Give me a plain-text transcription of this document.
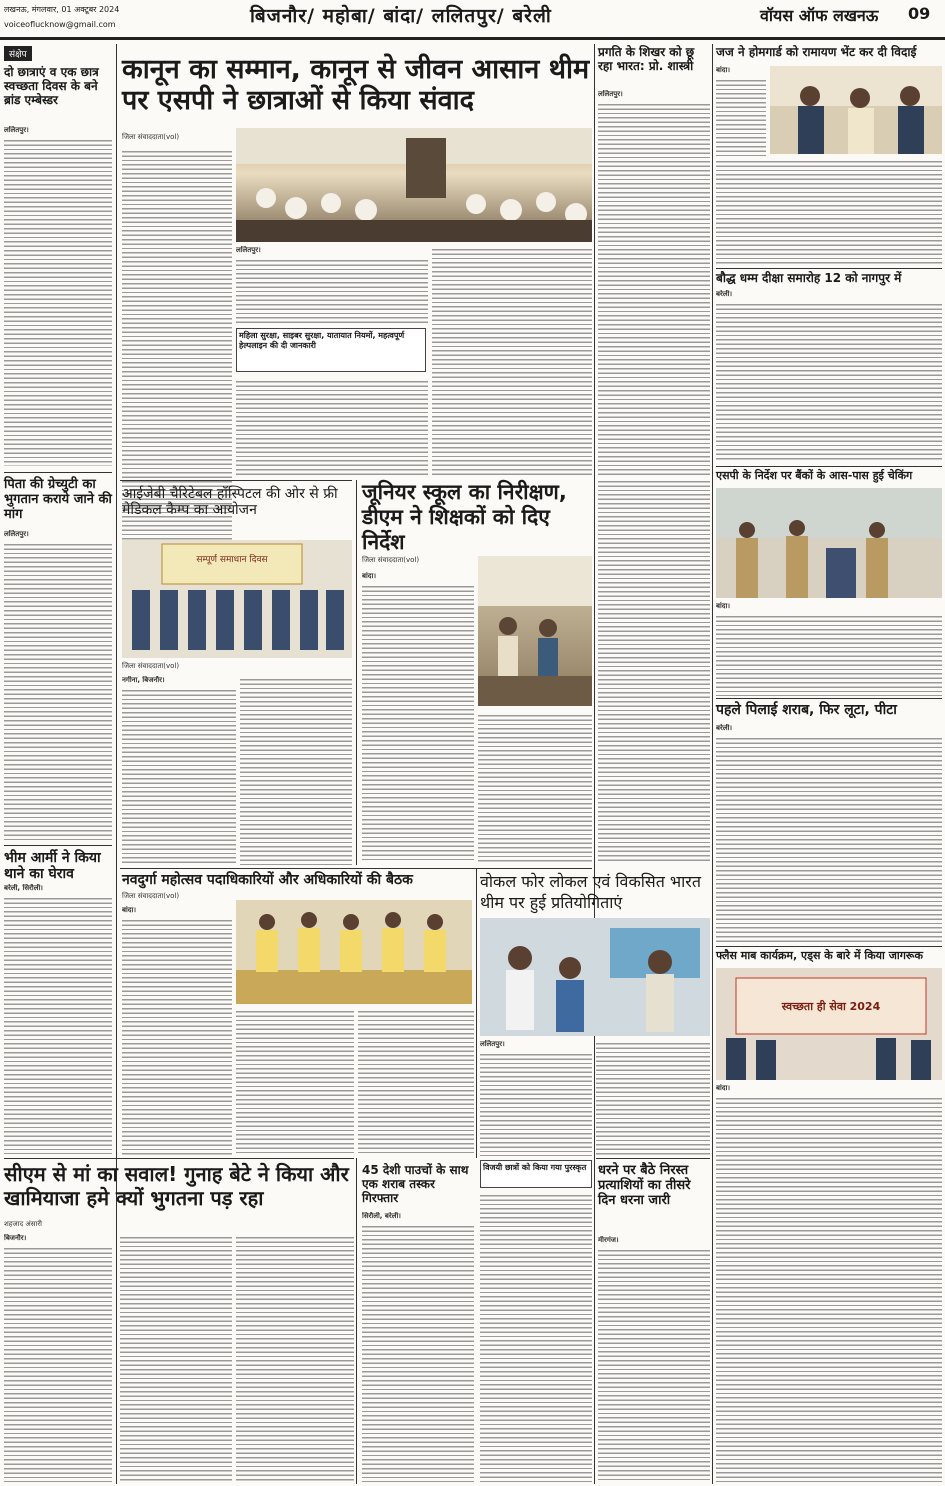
लखनऊ, मंगलवार, 01 अक्टूबर 2024
voiceoflucknow@gmail.com	बिजनौर/ महोबा/ बांदा/ ललितपुर/ बरेली	वॉयस ऑफ लखनऊ 09
संक्षेप
दो छात्राएं व एक छात्र स्वच्छता दिवस के बने ब्रांड एम्बेस्डर
ललितपुर।
पिता की ग्रेच्युटी का भुगतान कराये जाने की मांग
ललितपुर।
भीम आर्मी ने किया थाने का घेराव
बरेली, सिरौली।
कानून का सम्मान, कानून से जीवन आसान थीम पर एसपी ने छात्राओं से किया संवाद
जिला संवाददाता(vol)
ललितपुर।
महिला सुरक्षा, साइबर सुरक्षा, यातायात नियमों, महत्वपूर्ण हेल्पलाइन की दी जानकारी
प्रगति के शिखर को छू रहा भारत: प्रो. शास्त्री
ललितपुर।
आईजेबी चैरिटेबल हॉस्पिटल की ओर से फ्री मेडिकल कैम्प का आयोजन
सम्पूर्ण समाधान दिवस
जिला संवाददाता(vol)
नगीना, बिजनौर।
जूनियर स्कूल का निरीक्षण, डीएम ने शिक्षकों को दिए निर्देश
जिला संवाददाता(vol)
बांदा।
नवदुर्गा महोत्सव पदाधिकारियों और अधिकारियों की बैठक
जिला संवाददाता(vol)
बांदा।
वोकल फोर लोकल एवं विकसित भारत थीम पर हुई प्रतियोगिताएं
ललितपुर।
सीएम से मां का सवाल! गुनाह बेटे ने किया और खामियाजा हमे क्यों भुगतना पड़ रहा
शहजाद अंसारी
बिजनौर।
45 देशी पाउचों के साथ एक शराब तस्कर गिरफ्तार
सिरौली, बरेली।
विजयी छात्रों को किया गया पुरस्कृत धरने पर बैठे निरस्त प्रत्याशियों का तीसरे दिन धरना जारी
मीरगंज।
जज ने होमगार्ड को रामायण भेंट कर दी विदाई
बांदा।
बौद्ध धम्म दीक्षा समारोह 12 को नागपुर में
बरेली।
एसपी के निर्देश पर बैंकों के आस-पास हुई चेकिंग
बांदा।
पहले पिलाई शराब, फिर लूटा, पीटा
बरेली।
फ्लैस माब कार्यक्रम, एड्स के बारे में किया जागरूक
स्वच्छता ही सेवा 2024
बांदा।
